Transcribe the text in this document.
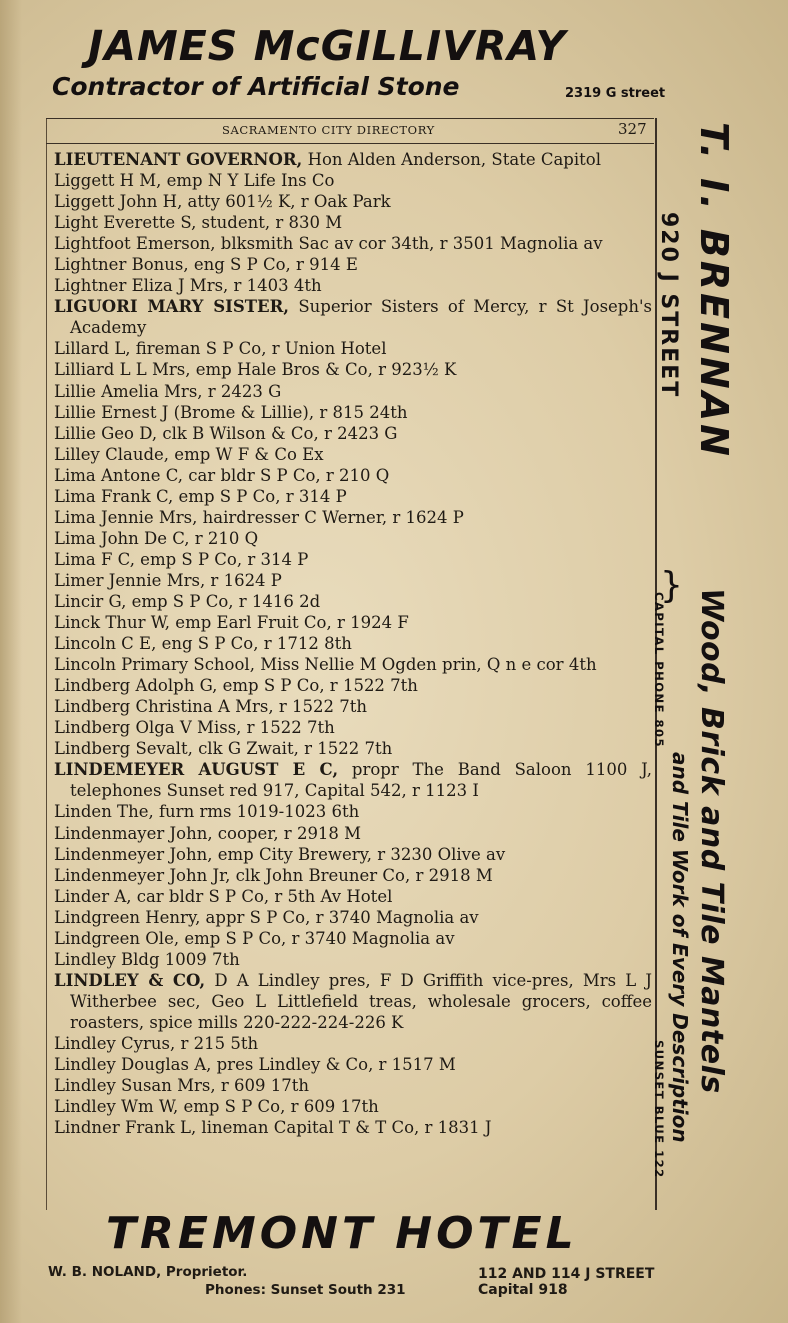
JAMES McGILLIVRAY
Contractor of Artificial Stone	2319 G street
SACRAMENTO CITY DIRECTORY	327

LIEUTENANT GOVERNOR, Hon Alden Anderson, State Capitol

Liggett H M, emp N Y Life Ins Co

Liggett John H, atty 601½ K, r Oak Park

Light Everette S, student, r 830 M

Lightfoot Emerson, blksmith Sac av cor 34th, r 3501 Magnolia av

Lightner Bonus, eng S P Co, r 914 E

Lightner Eliza J Mrs, r 1403 4th

LIGUORI MARY SISTER, Superior Sisters of Mercy, r St Joseph's Academy

Lillard L, fireman S P Co, r Union Hotel

Lilliard L L Mrs, emp Hale Bros & Co, r 923½ K

Lillie Amelia Mrs, r 2423 G

Lillie Ernest J (Brome & Lillie), r 815 24th

Lillie Geo D, clk B Wilson & Co, r 2423 G

Lilley Claude, emp W F & Co Ex

Lima Antone C, car bldr S P Co, r 210 Q

Lima Frank C, emp S P Co, r 314 P

Lima Jennie Mrs, hairdresser C Werner, r 1624 P

Lima John De C, r 210 Q

Lima F C, emp S P Co, r 314 P

Limer Jennie Mrs, r 1624 P

Lincir G, emp S P Co, r 1416 2d

Linck Thur W, emp Earl Fruit Co, r 1924 F

Lincoln C E, eng S P Co, r 1712 8th

Lincoln Primary School, Miss Nellie M Ogden prin, Q n e cor 4th

Lindberg Adolph G, emp S P Co, r 1522 7th

Lindberg Christina A Mrs, r 1522 7th

Lindberg Olga V Miss, r 1522 7th

Lindberg Sevalt, clk G Zwait, r 1522 7th

LINDEMEYER AUGUST E C, propr The Band Saloon 1100 J, telephones Sunset red 917, Capital 542, r 1123 I

Linden The, furn rms 1019-1023 6th

Lindenmayer John, cooper, r 2918 M

Lindenmeyer John, emp City Brewery, r 3230 Olive av

Lindenmeyer John Jr, clk John Breuner Co, r 2918 M

Linder A, car bldr S P Co, r 5th Av Hotel

Lindgreen Henry, appr S P Co, r 3740 Magnolia av

Lindgreen Ole, emp S P Co, r 3740 Magnolia av

Lindley Bldg 1009 7th

LINDLEY & CO, D A Lindley pres, F D Griffith vice-pres, Mrs L J Witherbee sec, Geo L Littlefield treas, wholesale grocers, coffee roasters, spice mills 220-222-224-226 K

Lindley Cyrus, r 215 5th

Lindley Douglas A, pres Lindley & Co, r 1517 M

Lindley Susan Mrs, r 609 17th

Lindley Wm W, emp S P Co, r 609 17th

Lindner Frank L, lineman Capital T & T Co, r 1831 J

T. I. BRENNAN
920 J STREET
}
Wood, Brick and Tile Mantels
and Tile Work of Every Description
CAPITAL PHONE 805
SUNSET BLUE 122
TREMONT HOTEL
W. B. NOLAND, Proprietor.
Phones: Sunset South 231
112 AND 114 J STREET
Capital 918
